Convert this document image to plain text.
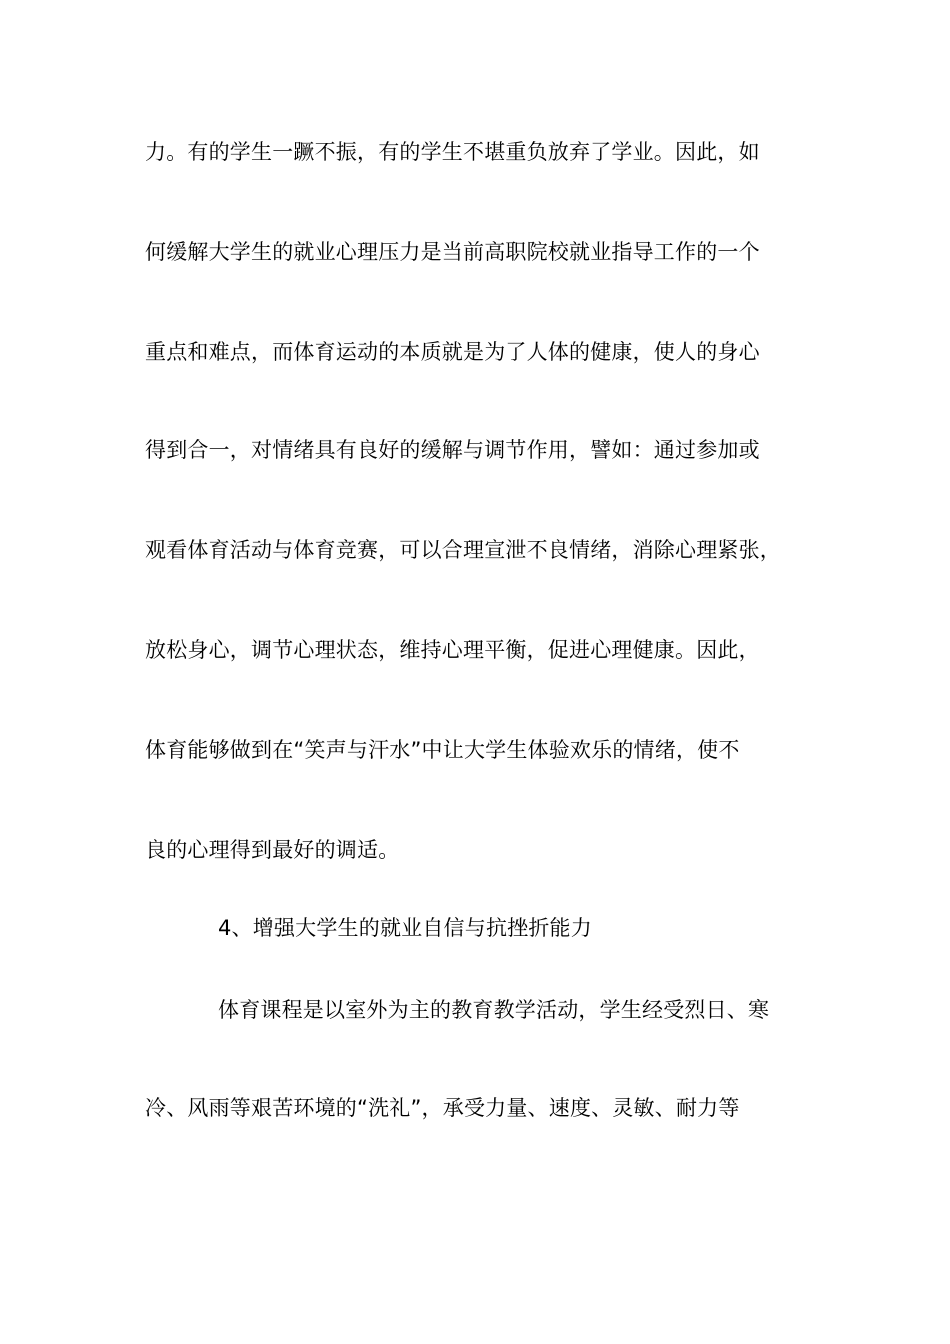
力。有的学生一蹶不振，有的学生不堪重负放弃了学业。因此，如
何缓解大学生的就业心理压力是当前高职院校就业指导工作的一个
重点和难点，而体育运动的本质就是为了人体的健康，使人的身心
得到合一，对情绪具有良好的缓解与调节作用，譬如：通过参加或
观看体育活动与体育竞赛，可以合理宣泄不良情绪，消除心理紧张，
放松身心，调节心理状态，维持心理平衡，促进心理健康。因此，
体育能够做到在“笑声与汗水”中让大学生体验欢乐的情绪，使不
良的心理得到最好的调适。
4、增强大学生的就业自信与抗挫折能力
体育课程是以室外为主的教育教学活动，学生经受烈日、寒
冷、风雨等艰苦环境的“洗礼”，承受力量、速度、灵敏、耐力等
